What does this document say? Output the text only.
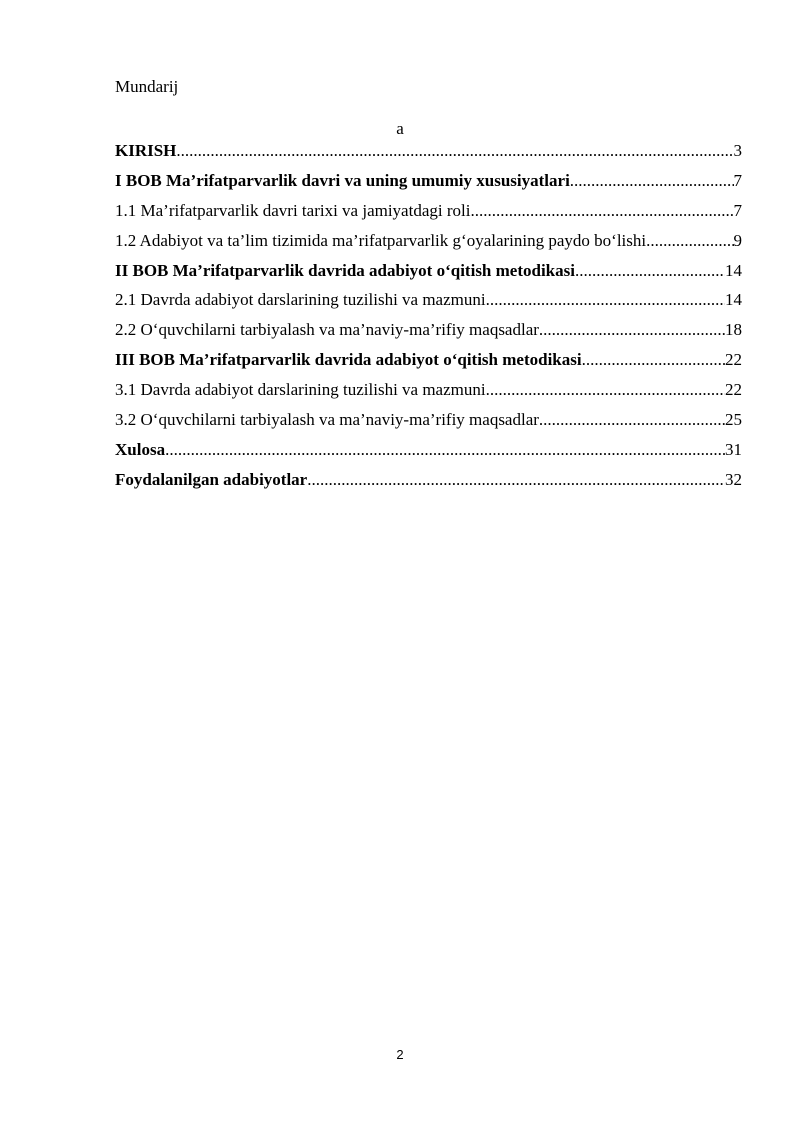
Mundarij
a
KIRISH .....	3
I BOB Ma’rifatparvarlik davri va uning umumiy xususiyatlari .....	7
1.1 Ma’rifatparvarlik davri tarixi va jamiyatdagi roli .....	7
1.2 Adabiyot va ta’lim tizimida ma’rifatparvarlik g‘oyalarining paydo bo‘lishi .....	9
II BOB Ma’rifatparvarlik davrida adabiyot o‘qitish metodikasi .....	14
2.1 Davrda adabiyot darslarining tuzilishi va mazmuni .....	14
2.2 O‘quvchilarni tarbiyalash va ma’naviy-ma’rifiy maqsadlar .....	18
III BOB Ma’rifatparvarlik davrida adabiyot o‘qitish metodikasi .....	22
3.1 Davrda adabiyot darslarining tuzilishi va mazmuni .....	22
3.2 O‘quvchilarni tarbiyalash va ma’naviy-ma’rifiy maqsadlar .....	25
Xulosa .....	31
Foydalanilgan adabiyotlar .....	32
2
